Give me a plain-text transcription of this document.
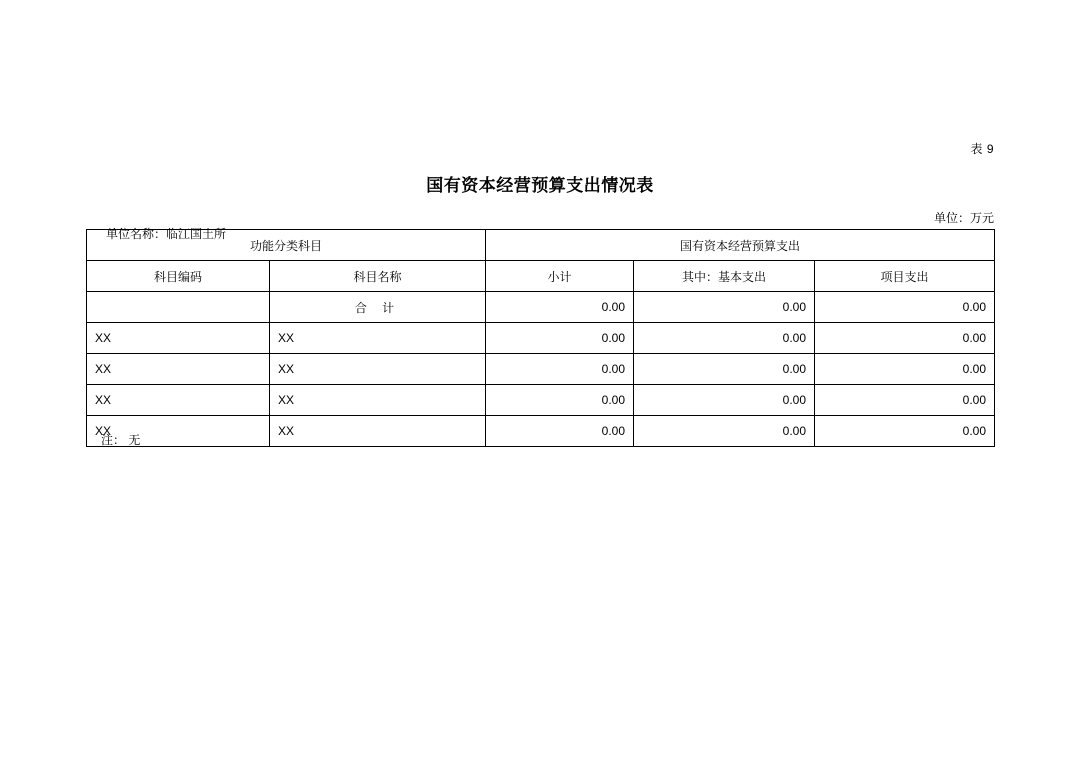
表 9
国有资本经营预算支出情况表

单位名称：临江国土所

单位：万元
功能分类科目		国有资本经营预算支出		
科目编码	科目名称	小计	其中：基本支出	项目支出
	合 计	0.00	0.00	0.00
XX	XX	0.00	0.00	0.00
XX	XX	0.00	0.00	0.00
XX	XX	0.00	0.00	0.00
XX	XX	0.00	0.00	0.00
注： 无
